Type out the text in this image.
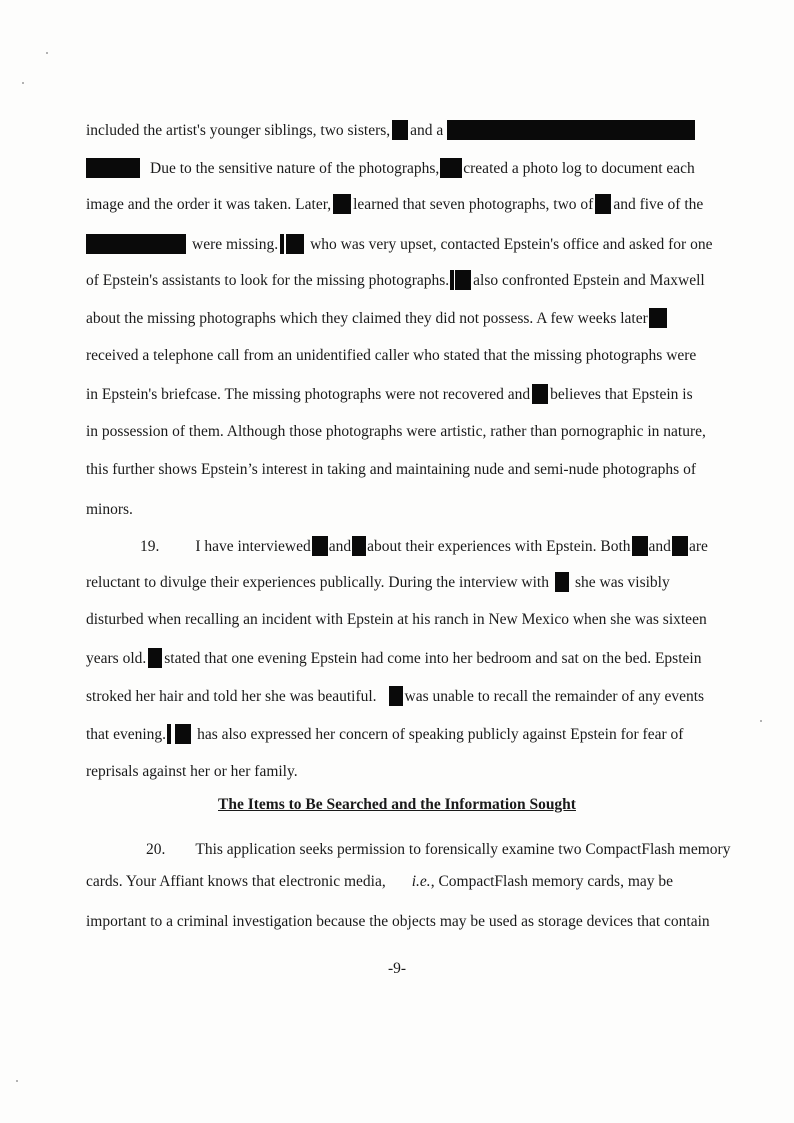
included the artist's younger siblings, two sisters, and a
Due to the sensitive nature of the photographs, created a photo log to document each
image and the order it was taken. Later, learned that seven photographs, two of and five of the
were missing. who was very upset, contacted Epstein's office and asked for one
of Epstein's assistants to look for the missing photographs. also confronted Epstein and Maxwell
about the missing photographs which they claimed they did not possess. A few weeks later
received a telephone call from an unidentified caller who stated that the missing photographs were
in Epstein's briefcase. The missing photographs were not recovered and believes that Epstein is
in possession of them. Although those photographs were artistic, rather than pornographic in nature,
this further shows Epstein’s interest in taking and maintaining nude and semi-nude photographs of
minors.
19. I have interviewed and about their experiences with Epstein. Both and are
reluctant to divulge their experiences publically. During the interview with she was visibly
disturbed when recalling an incident with Epstein at his ranch in New Mexico when she was sixteen
years old. stated that one evening Epstein had come into her bedroom and sat on the bed. Epstein
stroked her hair and told her she was beautiful. was unable to recall the remainder of any events
that evening. has also expressed her concern of speaking publicly against Epstein for fear of
reprisals against her or her family.
The Items to Be Searched and the Information Sought
20. This application seeks permission to forensically examine two CompactFlash memory
cards. Your Affiant knows that electronic media, i.e., CompactFlash memory cards, may be
important to a criminal investigation because the objects may be used as storage devices that contain
-9-
